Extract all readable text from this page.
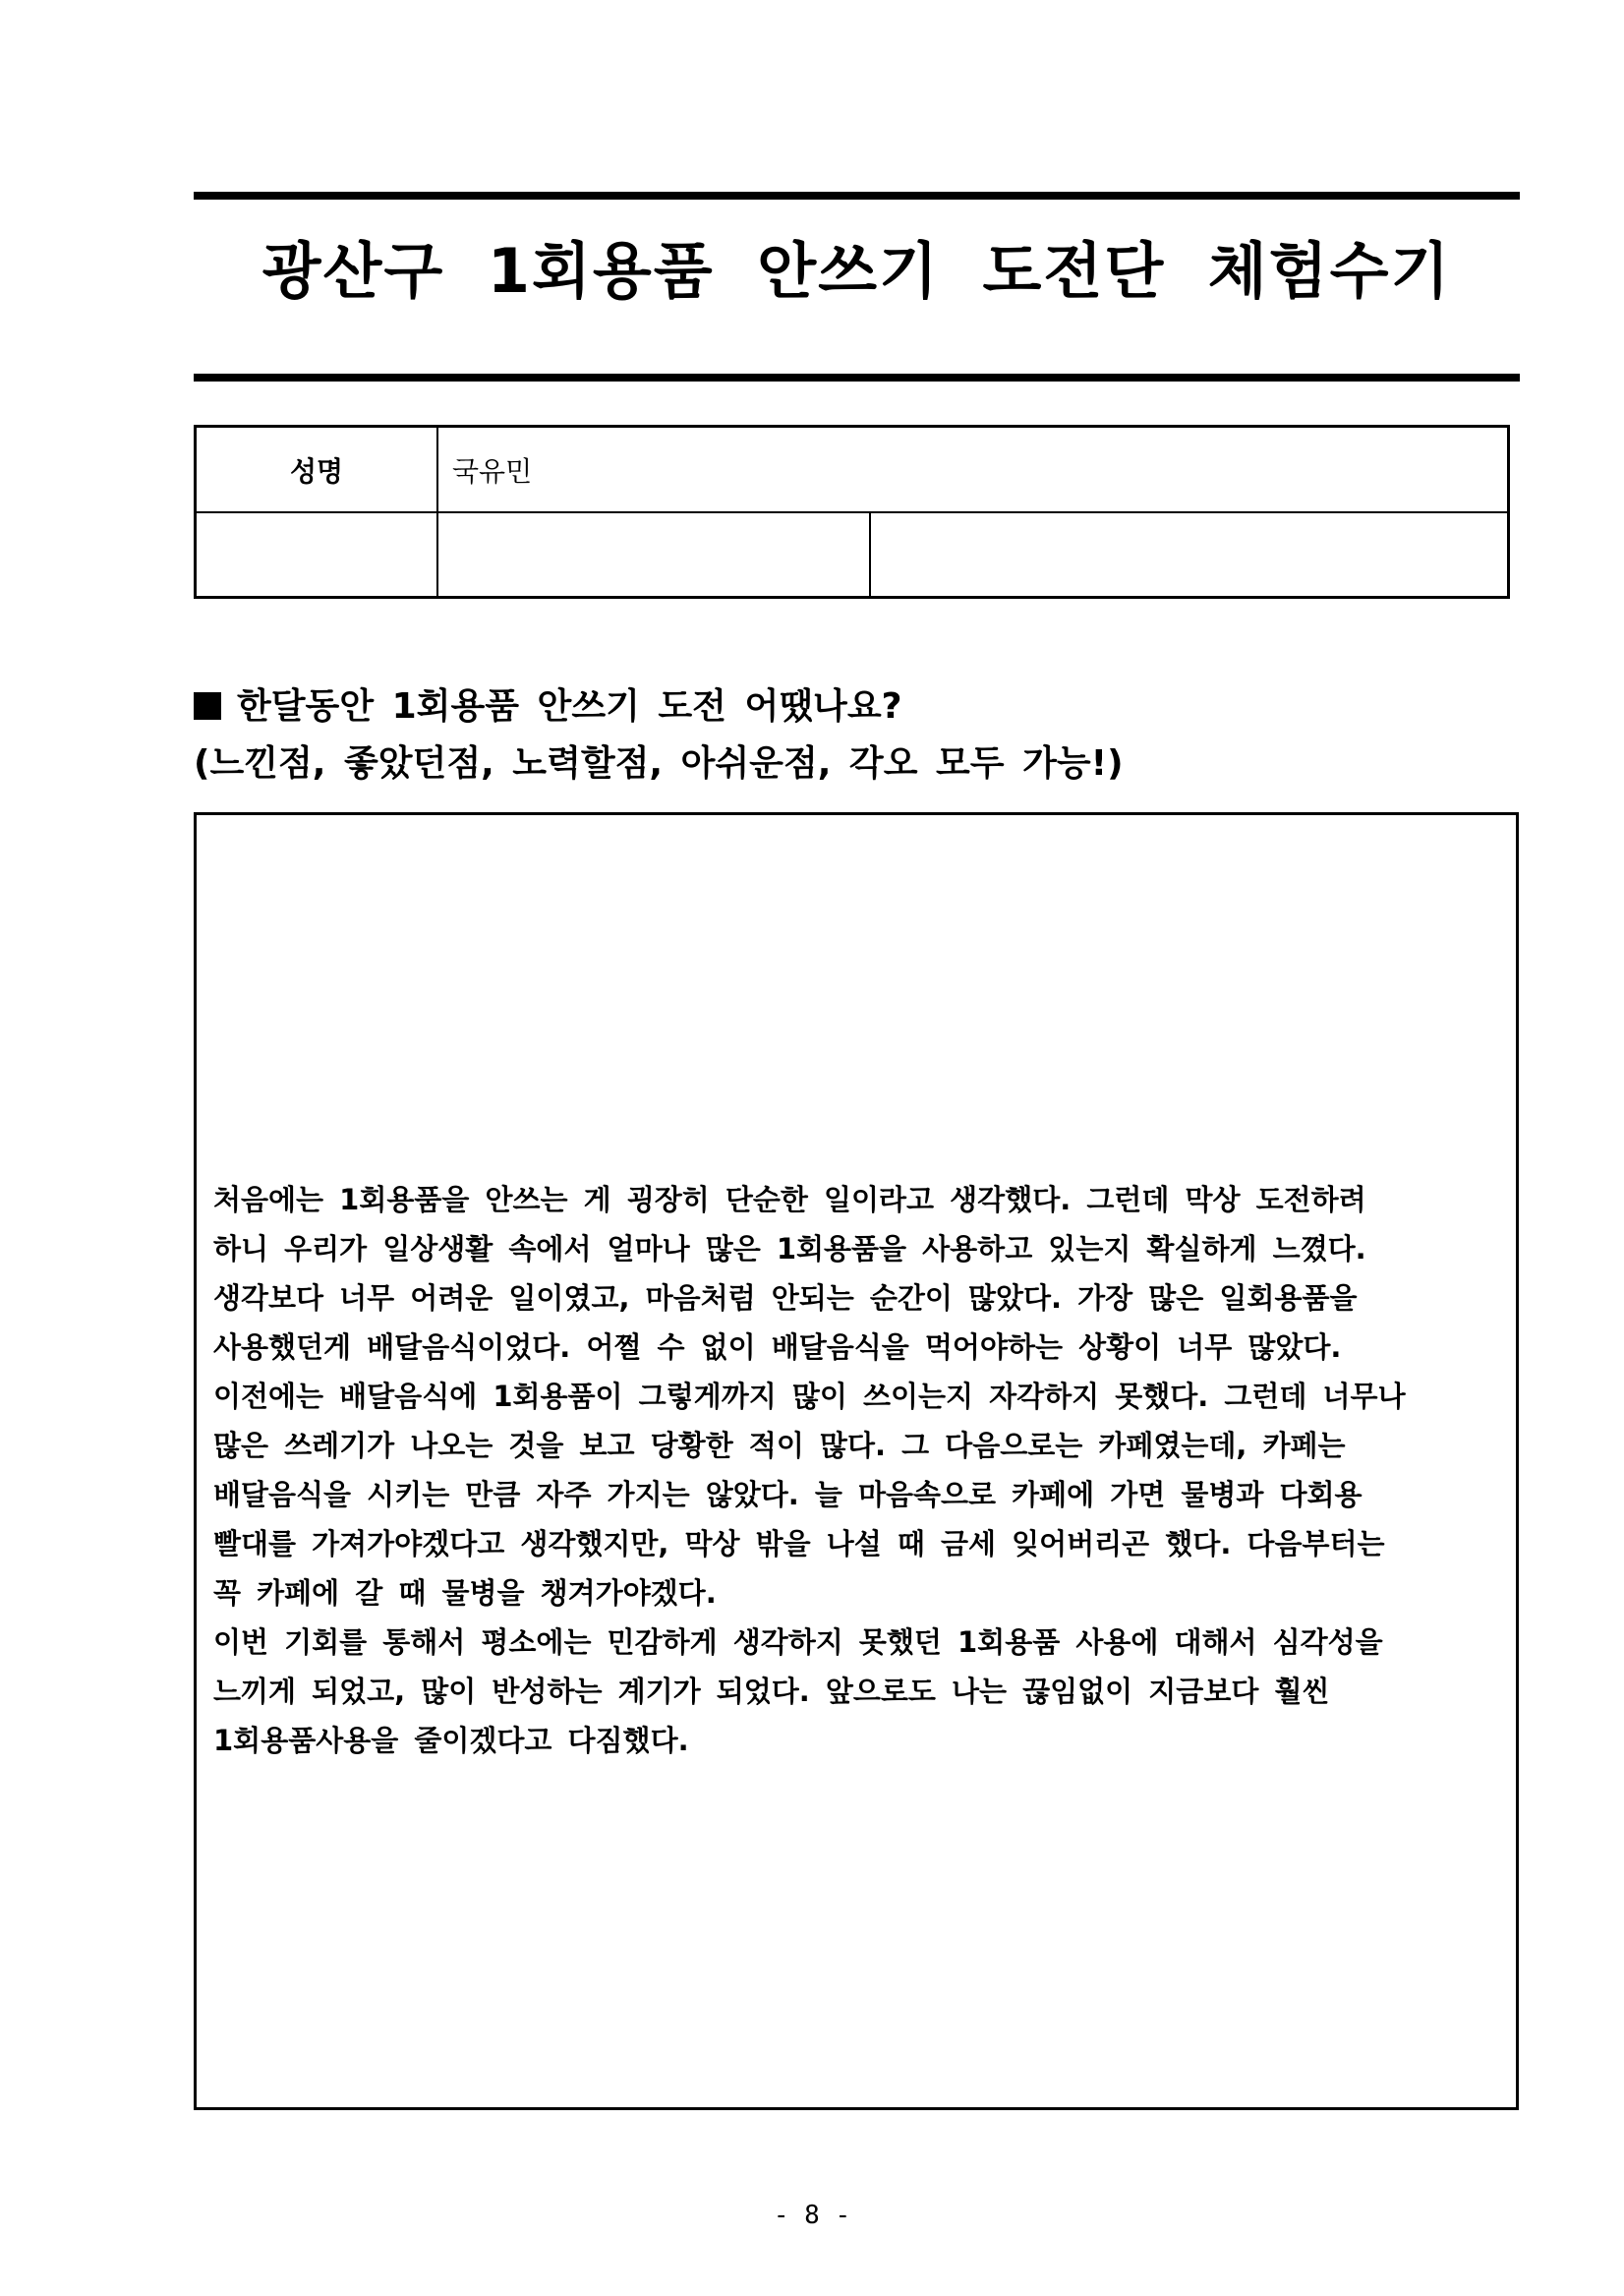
광산구 1회용품 안쓰기 도전단 체험수기
성명	국유민
한달동안 1회용품 안쓰기 도전 어땠나요?
(느낀점, 좋았던점, 노력할점, 아쉬운점, 각오 모두 가능!)
처음에는 1회용품을 안쓰는 게 굉장히 단순한 일이라고 생각했다. 그런데 막상 도전하려
하니 우리가 일상생활 속에서 얼마나 많은 1회용품을 사용하고 있는지 확실하게 느꼈다.
생각보다 너무 어려운 일이였고, 마음처럼 안되는 순간이 많았다. 가장 많은 일회용품을
사용했던게 배달음식이었다. 어쩔 수 없이 배달음식을 먹어야하는 상황이 너무 많았다.
이전에는 배달음식에 1회용품이 그렇게까지 많이 쓰이는지 자각하지 못했다. 그런데 너무나
많은 쓰레기가 나오는 것을 보고 당황한 적이 많다. 그 다음으로는 카페였는데, 카페는
배달음식을 시키는 만큼 자주 가지는 않았다. 늘 마음속으로 카페에 가면 물병과 다회용
빨대를 가져가야겠다고 생각했지만, 막상 밖을 나설 때 금세 잊어버리곤 했다. 다음부터는
꼭 카페에 갈 때 물병을 챙겨가야겠다.
이번 기회를 통해서 평소에는 민감하게 생각하지 못했던 1회용품 사용에 대해서 심각성을
느끼게 되었고, 많이 반성하는 계기가 되었다. 앞으로도 나는 끊임없이 지금보다 훨씬
1회용품사용을 줄이겠다고 다짐했다.
- 8 -
